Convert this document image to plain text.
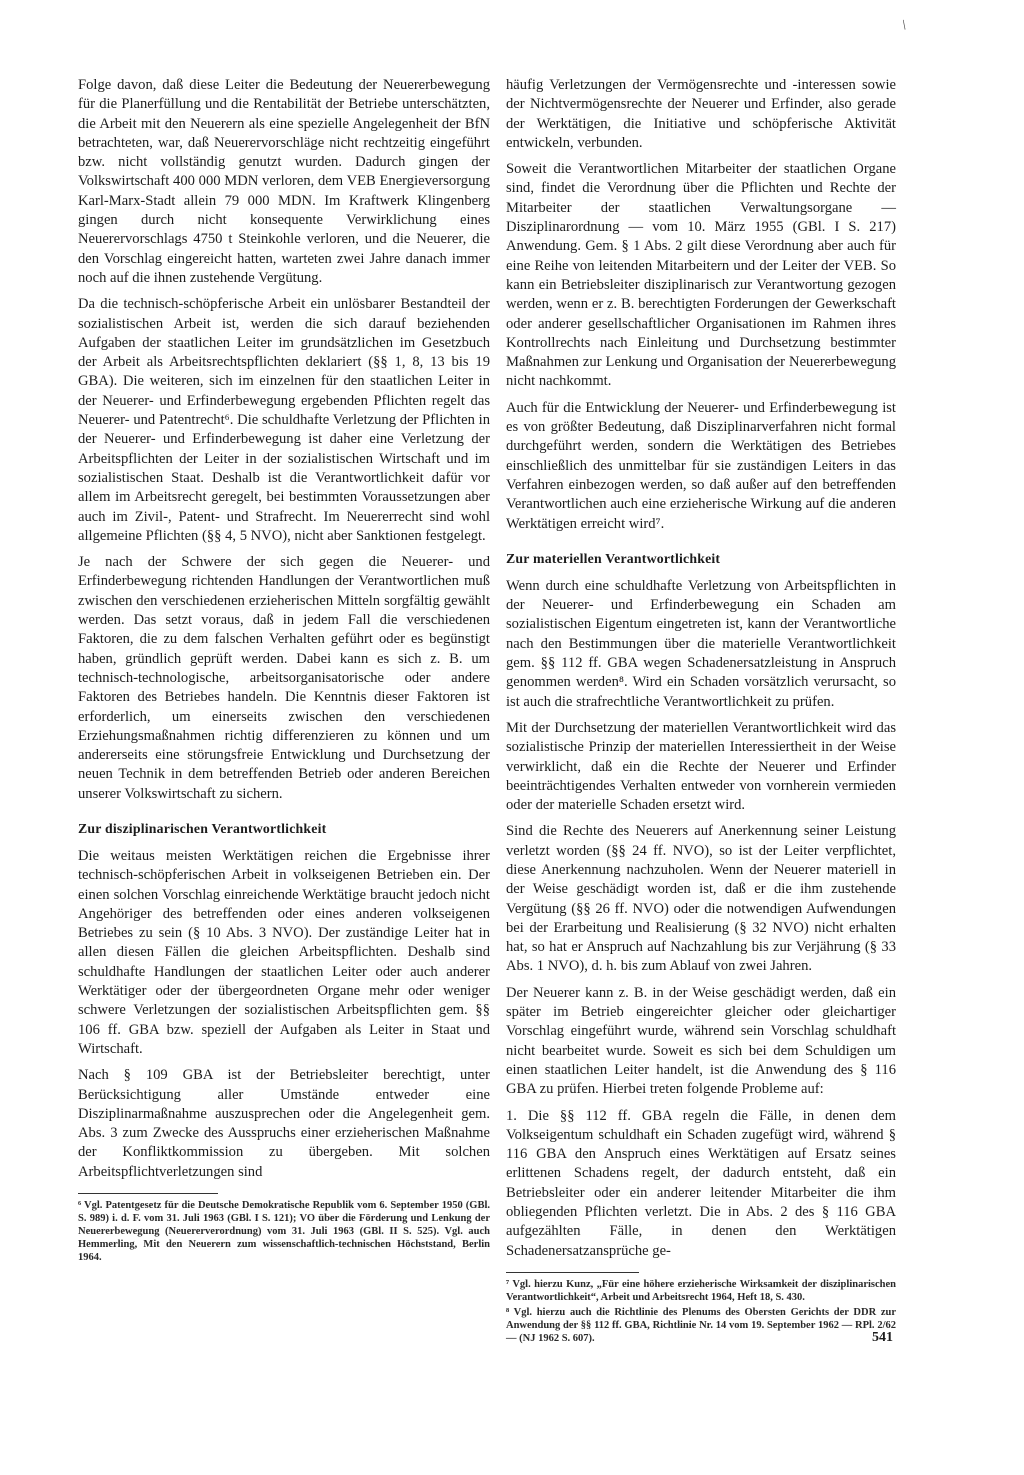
/

Folge davon, daß diese Leiter die Bedeutung der Neuererbewegung für die Planerfüllung und die Rentabilität der Betriebe unterschätzten, die Arbeit mit den Neuerern als eine spezielle Angelegenheit der BfN betrachteten, war, daß Neuerervorschläge nicht rechtzeitig eingeführt bzw. nicht vollständig genutzt wurden. Dadurch gingen der Volkswirtschaft 400 000 MDN verloren, dem VEB Energieversorgung Karl-Marx-Stadt allein 79 000 MDN. Im Kraftwerk Klingenberg gingen durch nicht konsequente Verwirklichung eines Neuerervorschlags 4750 t Steinkohle verloren, und die Neuerer, die den Vorschlag eingereicht hatten, warteten zwei Jahre danach immer noch auf die ihnen zustehende Vergütung.

Da die technisch-schöpferische Arbeit ein unlösbarer Bestandteil der sozialistischen Arbeit ist, werden die sich darauf beziehenden Aufgaben der staatlichen Leiter im grundsätzlichen im Gesetzbuch der Arbeit als Arbeitsrechtspflichten deklariert (§§ 1, 8, 13 bis 19 GBA). Die weiteren, sich im einzelnen für den staatlichen Leiter in der Neuerer- und Erfinderbewegung ergebenden Pflichten regelt das Neuerer- und Patentrecht⁶. Die schuldhafte Verletzung der Pflichten in der Neuerer- und Erfinderbewegung ist daher eine Verletzung der Arbeitspflichten der Leiter in der sozialistischen Wirtschaft und im sozialistischen Staat. Deshalb ist die Verantwortlichkeit dafür vor allem im Arbeitsrecht geregelt, bei bestimmten Voraussetzungen aber auch im Zivil-, Patent- und Strafrecht. Im Neuererrecht sind wohl allgemeine Pflichten (§§ 4, 5 NVO), nicht aber Sanktionen festgelegt.

Je nach der Schwere der sich gegen die Neuerer- und Erfinderbewegung richtenden Handlungen der Verantwortlichen muß zwischen den verschiedenen erzieherischen Mitteln sorgfältig gewählt werden. Das setzt voraus, daß in jedem Fall die verschiedenen Faktoren, die zu dem falschen Verhalten geführt oder es begünstigt haben, gründlich geprüft werden. Dabei kann es sich z. B. um technisch-technologische, arbeitsorganisatorische oder andere Faktoren des Betriebes handeln. Die Kenntnis dieser Faktoren ist erforderlich, um einerseits zwischen den verschiedenen Erziehungsmaßnahmen richtig differenzieren zu können und um andererseits eine störungsfreie Entwicklung und Durchsetzung der neuen Technik in dem betreffenden Betrieb oder anderen Bereichen unserer Volkswirtschaft zu sichern.

Zur disziplinarischen Verantwortlichkeit

Die weitaus meisten Werktätigen reichen die Ergebnisse ihrer technisch-schöpferischen Arbeit in volkseigenen Betrieben ein. Der einen solchen Vorschlag einreichende Werktätige braucht jedoch nicht Angehöriger des betreffenden oder eines anderen volkseigenen Betriebes zu sein (§ 10 Abs. 3 NVO). Der zuständige Leiter hat in allen diesen Fällen die gleichen Arbeitspflichten. Deshalb sind schuldhafte Handlungen der staatlichen Leiter oder auch anderer Werktätiger oder der übergeordneten Organe mehr oder weniger schwere Verletzungen der sozialistischen Arbeitspflichten gem. §§ 106 ff. GBA bzw. speziell der Aufgaben als Leiter in Staat und Wirtschaft.

Nach § 109 GBA ist der Betriebsleiter berechtigt, unter Berücksichtigung aller Umstände entweder eine Disziplinarmaßnahme auszusprechen oder die Angelegenheit gem. Abs. 3 zum Zwecke des Ausspruchs einer erzieherischen Maßnahme der Konfliktkommission zu übergeben. Mit solchen Arbeitspflichtverletzungen sind

⁶ Vgl. Patentgesetz für die Deutsche Demokratische Republik vom 6. September 1950 (GBl. S. 989) i. d. F. vom 31. Juli 1963 (GBl. I S. 121); VO über die Förderung und Lenkung der Neuererbewegung (Neuererverordnung) vom 31. Juli 1963 (GBl. II S. 525). Vgl. auch Hemmerling, Mit den Neuerern zum wissenschaftlich-technischen Höchststand, Berlin 1964.

häufig Verletzungen der Vermögensrechte und -interessen sowie der Nichtvermögensrechte der Neuerer und Erfinder, also gerade der Werktätigen, die Initiative und schöpferische Aktivität entwickeln, verbunden.

Soweit die Verantwortlichen Mitarbeiter der staatlichen Organe sind, findet die Verordnung über die Pflichten und Rechte der Mitarbeiter der staatlichen Verwaltungsorgane — Disziplinarordnung — vom 10. März 1955 (GBl. I S. 217) Anwendung. Gem. § 1 Abs. 2 gilt diese Verordnung aber auch für eine Reihe von leitenden Mitarbeitern und der Leiter der VEB. So kann ein Betriebsleiter disziplinarisch zur Verantwortung gezogen werden, wenn er z. B. berechtigten Forderungen der Gewerkschaft oder anderer gesellschaftlicher Organisationen im Rahmen ihres Kontrollrechts nach Einleitung und Durchsetzung bestimmter Maßnahmen zur Lenkung und Organisation der Neuererbewegung nicht nachkommt.

Auch für die Entwicklung der Neuerer- und Erfinderbewegung ist es von größter Bedeutung, daß Disziplinarverfahren nicht formal durchgeführt werden, sondern die Werktätigen des Betriebes einschließlich des unmittelbar für sie zuständigen Leiters in das Verfahren einbezogen werden, so daß außer auf den betreffenden Verantwortlichen auch eine erzieherische Wirkung auf die anderen Werktätigen erreicht wird⁷.

Zur materiellen Verantwortlichkeit

Wenn durch eine schuldhafte Verletzung von Arbeitspflichten in der Neuerer- und Erfinderbewegung ein Schaden am sozialistischen Eigentum eingetreten ist, kann der Verantwortliche nach den Bestimmungen über die materielle Verantwortlichkeit gem. §§ 112 ff. GBA wegen Schadenersatzleistung in Anspruch genommen werden⁸. Wird ein Schaden vorsätzlich verursacht, so ist auch die strafrechtliche Verantwortlichkeit zu prüfen.

Mit der Durchsetzung der materiellen Verantwortlichkeit wird das sozialistische Prinzip der materiellen Interessiertheit in der Weise verwirklicht, daß ein die Rechte der Neuerer und Erfinder beeinträchtigendes Verhalten entweder von vornherein vermieden oder der materielle Schaden ersetzt wird.

Sind die Rechte des Neuerers auf Anerkennung seiner Leistung verletzt worden (§§ 24 ff. NVO), so ist der Leiter verpflichtet, diese Anerkennung nachzuholen. Wenn der Neuerer materiell in der Weise geschädigt worden ist, daß er die ihm zustehende Vergütung (§§ 26 ff. NVO) oder die notwendigen Aufwendungen bei der Erarbeitung und Realisierung (§ 32 NVO) nicht erhalten hat, so hat er Anspruch auf Nachzahlung bis zur Verjährung (§ 33 Abs. 1 NVO), d. h. bis zum Ablauf von zwei Jahren.

Der Neuerer kann z. B. in der Weise geschädigt werden, daß ein später im Betrieb eingereichter gleicher oder gleichartiger Vorschlag eingeführt wurde, während sein Vorschlag schuldhaft nicht bearbeitet wurde. Soweit es sich bei dem Schuldigen um einen staatlichen Leiter handelt, ist die Anwendung des § 116 GBA zu prüfen. Hierbei treten folgende Probleme auf:

1. Die §§ 112 ff. GBA regeln die Fälle, in denen dem Volkseigentum schuldhaft ein Schaden zugefügt wird, während § 116 GBA den Anspruch eines Werktätigen auf Ersatz seines erlittenen Schadens regelt, der dadurch entsteht, daß ein Betriebsleiter oder ein anderer leitender Mitarbeiter die ihm obliegenden Pflichten verletzt. Die in Abs. 2 des § 116 GBA aufgezählten Fälle, in denen den Werktätigen Schadenersatzansprüche ge-

⁷ Vgl. hierzu Kunz, „Für eine höhere erzieherische Wirksamkeit der disziplinarischen Verantwortlichkeit“, Arbeit und Arbeitsrecht 1964, Heft 18, S. 430.

⁸ Vgl. hierzu auch die Richtlinie des Plenums des Obersten Gerichts der DDR zur Anwendung der §§ 112 ff. GBA, Richtlinie Nr. 14 vom 19. September 1962 — RPl. 2/62 — (NJ 1962 S. 607).	541
